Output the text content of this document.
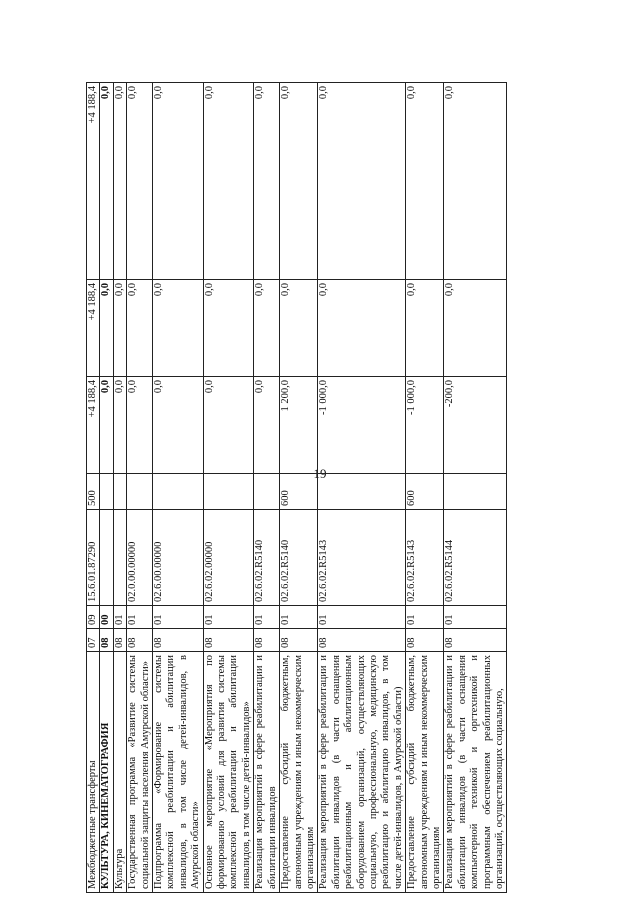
19
Межбюджетные трансферты	07	09	15.6.01.87290	500	+4 188,4	+4 188,4	+4 188,4
КУЛЬТУРА, КИНЕМАТОГРАФИЯ	08	00			0,0	0,0	0,0
Культура	08	01			0,0	0,0	0,0
Государственная программа «Развитие системы социальной защиты населения Амурской области»	08	01	02.0.00.00000		0,0	0,0	0,0
Подпрограмма «Формирование системы комплексной реабилитации и абилитации инвалидов, в том числе детей-инвалидов, в Амурской области»	08	01	02.6.00.00000		0,0	0,0	0,0
Основное мероприятие «Мероприятия по формированию условий для развития системы комплексной реабилитации и абилитации инвалидов, в том числе детей-инвалидов»	08	01	02.6.02.00000		0,0	0,0	0,0
Реализация мероприятий в сфере реабилитации и абилитации инвалидов	08	01	02.6.02.R5140		0,0	0,0	0,0
Предоставление субсидий бюджетным, автономным учреждениям и иным некоммерческим организациям	08	01	02.6.02.R5140	600	1 200,0	0,0	0,0
Реализация мероприятий в сфере реабилитации и абилитации инвалидов (в части оснащения реабилитационным и абилитационным оборудованием организаций, осуществляющих социальную, профессиональную, медицинскую реабилитацию и абилитацию инвалидов, в том числе детей-инвалидов, в Амурской области)	08	01	02.6.02.R5143		-1 000,0	0,0	0,0
Предоставление субсидий бюджетным, автономным учреждениям и иным некоммерческим организациям	08	01	02.6.02.R5143	600	-1 000,0	0,0	0,0
Реализация мероприятий в сфере реабилитации и абилитации инвалидов (в части оснащения компьютерной техникой и оргтехникой и программным обеспечением реабилитационных организаций, осуществляющих социальную,	08	01	02.6.02.R5144		-200,0	0,0	0,0
